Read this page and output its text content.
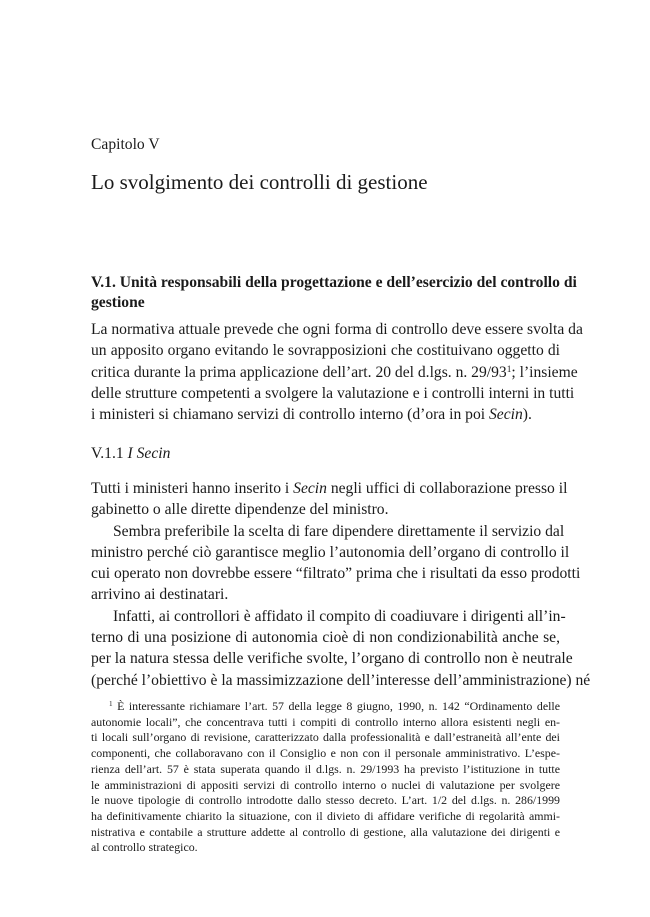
Capitolo V
Lo svolgimento dei controlli di gestione
V.1. Unità responsabili della progettazione e dell’esercizio del controllo di
gestione
La normativa attuale prevede che ogni forma di controllo deve essere svolta da
un apposito organo evitando le sovrapposizioni che costituivano oggetto di
critica durante la prima applicazione dell’art. 20 del d.lgs. n. $29/93^1$; l’insieme
delle strutture competenti a svolgere la valutazione e i controlli interni in tutti
i ministeri si chiamano servizi di controllo interno (d’ora in poi Secin).
V.1.1 I Secin
Tutti i ministeri hanno inserito i Secin negli uffici di collaborazione presso il
gabinetto o alle dirette dipendenze del ministro.
Sembra preferibile la scelta di fare dipendere direttamente il servizio dal
ministro perché ciò garantisce meglio l’autonomia dell’organo di controllo il
cui operato non dovrebbe essere “filtrato” prima che i risultati da esso prodotti
arrivino ai destinatari.
Infatti, ai controllori è affidato il compito di coadiuvare i dirigenti all’in-
terno di una posizione di autonomia cioè di non condizionabilità anche se,
per la natura stessa delle verifiche svolte, l’organo di controllo non è neutrale
(perché l’obiettivo è la massimizzazione dell’interesse dell’amministrazione) né
$^1$ È interessante richiamare l’art. 57 della legge 8 giugno, 1990, n. 142 “Ordinamento delle
autonomie locali”, che concentrava tutti i compiti di controllo interno allora esistenti negli en-
ti locali sull’organo di revisione, caratterizzato dalla professionalità e dall’estraneità all’ente dei
componenti, che collaboravano con il Consiglio e non con il personale amministrativo. L’espe-
rienza dell’art. 57 è stata superata quando il d.lgs. n. 29/1993 ha previsto l’istituzione in tutte
le amministrazioni di appositi servizi di controllo interno o nuclei di valutazione per svolgere
le nuove tipologie di controllo introdotte dallo stesso decreto. L’art. 1/2 del d.lgs. n. 286/1999
ha definitivamente chiarito la situazione, con il divieto di affidare verifiche di regolarità ammi-
nistrativa e contabile a strutture addette al controllo di gestione, alla valutazione dei dirigenti e
al controllo strategico.
